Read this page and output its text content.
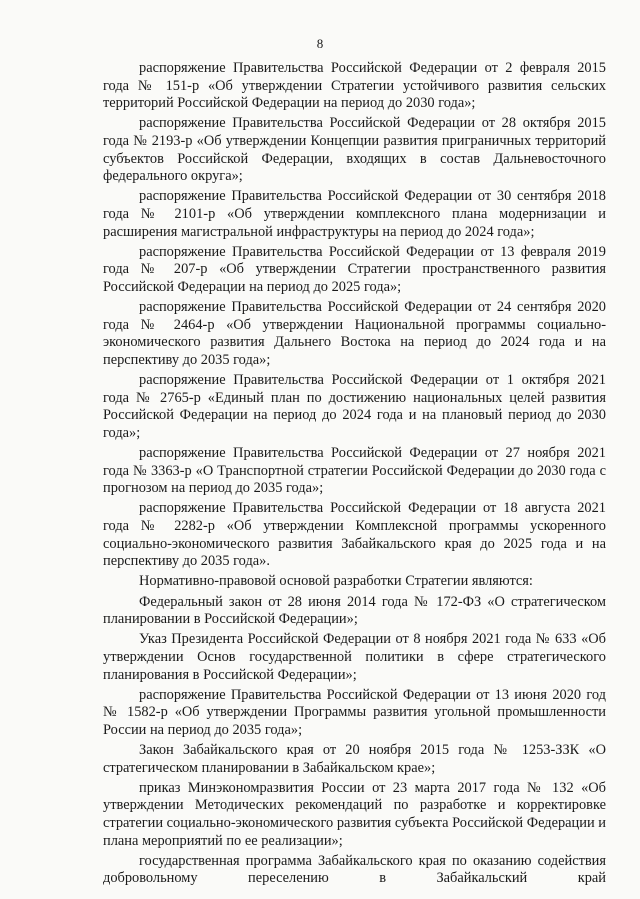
8

распоряжение Правительства Российской Федерации от 2 февраля 2015 года № 151-р «Об утверждении Стратегии устойчивого развития сельских территорий Российской Федерации на период до 2030 года»;

распоряжение Правительства Российской Федерации от 28 октября 2015 года № 2193-р «Об утверждении Концепции развития приграничных территорий субъектов Российской Федерации, входящих в состав Дальневосточного федерального округа»;

распоряжение Правительства Российской Федерации от 30 сентября 2018 года № 2101-р «Об утверждении комплексного плана модернизации и расширения магистральной инфраструктуры на период до 2024 года»;

распоряжение Правительства Российской Федерации от 13 февраля 2019 года № 207-р «Об утверждении Стратегии пространственного развития Российской Федерации на период до 2025 года»;

распоряжение Правительства Российской Федерации от 24 сентября 2020 года № 2464-р «Об утверждении Национальной программы социально-экономического развития Дальнего Востока на период до 2024 года и на перспективу до 2035 года»;

распоряжение Правительства Российской Федерации от 1 октября 2021 года № 2765-р «Единый план по достижению национальных целей развития Российской Федерации на период до 2024 года и на плановый период до 2030 года»;

распоряжение Правительства Российской Федерации от 27 ноября 2021 года № 3363-р «О Транспортной стратегии Российской Федерации до 2030 года с прогнозом на период до 2035 года»;

распоряжение Правительства Российской Федерации от 18 августа 2021 года № 2282-р «Об утверждении Комплексной программы ускоренного социально-экономического развития Забайкальского края до 2025 года и на перспективу до 2035 года».

Нормативно-правовой основой разработки Стратегии являются:

Федеральный закон от 28 июня 2014 года № 172-ФЗ «О стратегическом планировании в Российской Федерации»;

Указ Президента Российской Федерации от 8 ноября 2021 года № 633 «Об утверждении Основ государственной политики в сфере стратегического планирования в Российской Федерации»;

распоряжение Правительства Российской Федерации от 13 июня 2020 год № 1582-р «Об утверждении Программы развития угольной промышленности России на период до 2035 года»;

Закон Забайкальского края от 20 ноября 2015 года № 1253-ЗЗК «О стратегическом планировании в Забайкальском крае»;

приказ Минэкономразвития России от 23 марта 2017 года № 132 «Об утверждении Методических рекомендаций по разработке и корректировке стратегии социально-экономического развития субъекта Российской Федерации и плана мероприятий по ее реализации»;

государственная программа Забайкальского края по оказанию содействия добровольному переселению в Забайкальский край
